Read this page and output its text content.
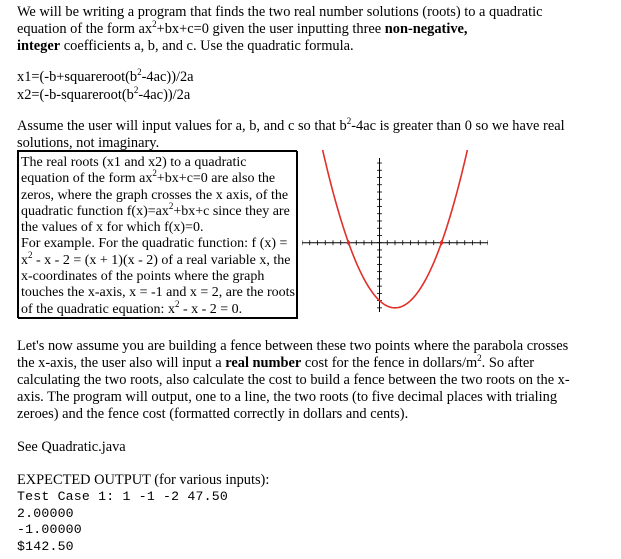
We will be writing a program that finds the two real number solutions (roots) to a quadratic equation of the form $ax^2+bx+c=0$ given the user inputting three non-negative,
integer coefficients a, b, and c. Use the quadratic formula.
$x1=(-b+squareroot(b^2-4ac))/2a$
$x2=(-b-squareroot(b^2-4ac))/2a$
Assume the user will input values for a, b, and c so that $b^2-4ac$ is greater than 0 so we have real solutions, not imaginary.
The real roots (x1 and x2) to a quadratic equation of the form $ax^2+bx+c=0$ are also the zeros, where the graph crosses the x axis, of the quadratic function $f(x)=ax^2+bx+c$ since they are the values of x for which f(x)=0.
For example. For the quadratic function: f $(x) = x^2 - x - 2 = (x + 1)(x - 2)$ of a real variable x, the x-coordinates of the points where the graph touches the x-axis, x = -1 and x = 2, are the roots of the quadratic equation: $x^2 - x - 2 = 0$.
Let's now assume you are building a fence between these two points where the parabola crosses the x-axis, the user also will input a real number cost for the fence in dollars/$m^2$. So after calculating the two roots, also calculate the cost to build a fence between the two roots on the x-axis. The program will output, one to a line, the two roots (to five decimal places with trialing zeroes) and the fence cost (formatted correctly in dollars and cents).
See Quadratic.java
EXPECTED OUTPUT (for various inputs):
Test Case 1: 1 -1 -2 47.50
2.00000
-1.00000
$142.50
